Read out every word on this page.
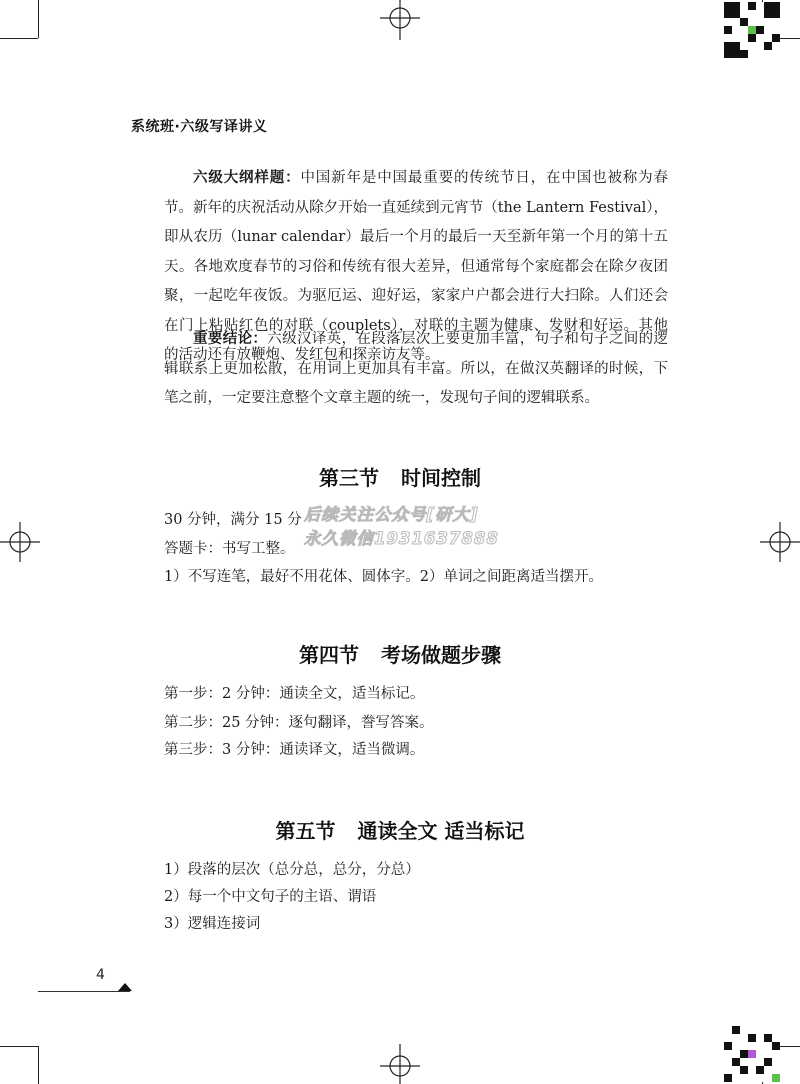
系统班·六级写译讲义
六级大纲样题：中国新年是中国最重要的传统节日，在中国也被称为春节。新年的庆祝活动从除夕开始一直延续到元宵节（the Lantern Festival），即从农历（lunar calendar）最后一个月的最后一天至新年第一个月的第十五天。各地欢度春节的习俗和传统有很大差异，但通常每个家庭都会在除夕夜团聚，一起吃年夜饭。为驱厄运、迎好运，家家户户都会进行大扫除。人们还会在门上粘贴红色的对联（couplets），对联的主题为健康、发财和好运。其他的活动还有放鞭炮、发红包和探亲访友等。
重要结论：六级汉译英，在段落层次上要更加丰富，句子和句子之间的逻辑联系上更加松散，在用词上更加具有丰富。所以，在做汉英翻译的时候，下笔之前，一定要注意整个文章主题的统一，发现句子间的逻辑联系。
第三节 时间控制
30 分钟，满分 15 分
答题卡：书写工整。
1）不写连笔，最好不用花体、圆体字。2）单词之间距离适当摆开。
后续关注公众号[研大]
永久微信1931637888
第四节 考场做题步骤
第一步：2 分钟：通读全文，适当标记。
第二步：25 分钟：逐句翻译，誊写答案。
第三步：3 分钟：通读译文，适当微调。
第五节 通读全文 适当标记
1）段落的层次（总分总，总分，分总）
2）每一个中文句子的主语、谓语
3）逻辑连接词
4
